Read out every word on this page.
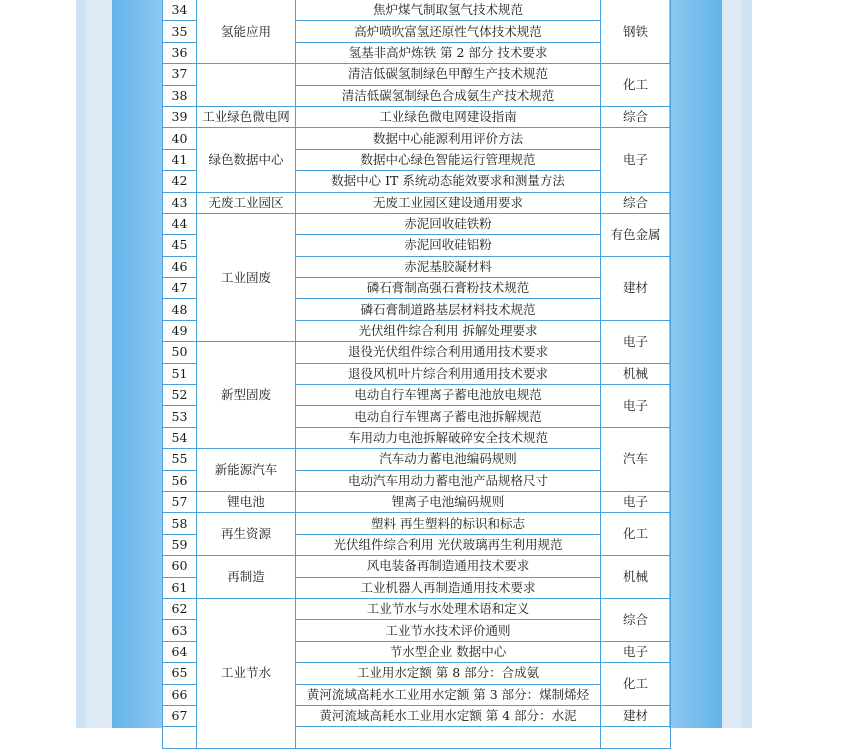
34	氢能应用	焦炉煤气制取氢气技术规范	钢铁
35		高炉喷吹富氢还原性气体技术规范	
36		氢基非高炉炼铁 第 2 部分 技术要求	
37		清洁低碳氢制绿色甲醇生产技术规范	化工
38		清洁低碳氢制绿色合成氨生产技术规范	
39	工业绿色微电网	工业绿色微电网建设指南	综合
40	绿色数据中心	数据中心能源利用评价方法	电子
41		数据中心绿色智能运行管理规范	
42		数据中心 IT 系统动态能效要求和测量方法	
43	无废工业园区	无废工业园区建设通用要求	综合
44	工业固废	赤泥回收硅铁粉	有色金属
45		赤泥回收硅铝粉	
46		赤泥基胶凝材料	建材
47		磷石膏制高强石膏粉技术规范	
48		磷石膏制道路基层材料技术规范	
49		光伏组件综合利用 拆解处理要求	电子
50	新型固废	退役光伏组件综合利用通用技术要求	
51		退役风机叶片综合利用通用技术要求	机械
52		电动自行车锂离子蓄电池放电规范	电子
53		电动自行车锂离子蓄电池拆解规范	
54		车用动力电池拆解破碎安全技术规范	汽车
55	新能源汽车	汽车动力蓄电池编码规则	
56		电动汽车用动力蓄电池产品规格尺寸	
57	锂电池	锂离子电池编码规则	电子
58	再生资源	塑料 再生塑料的标识和标志	化工
59		光伏组件综合利用 光伏玻璃再生利用规范	
60	再制造	风电装备再制造通用技术要求	机械
61		工业机器人再制造通用技术要求	
62	工业节水	工业节水与水处理术语和定义	综合
63		工业节水技术评价通则	
64		节水型企业 数据中心	电子
65		工业用水定额 第 8 部分：合成氨	化工
66		黄河流域高耗水工业用水定额 第 3 部分：煤制烯烃	
67		黄河流域高耗水工业用水定额 第 4 部分：水泥	建材
